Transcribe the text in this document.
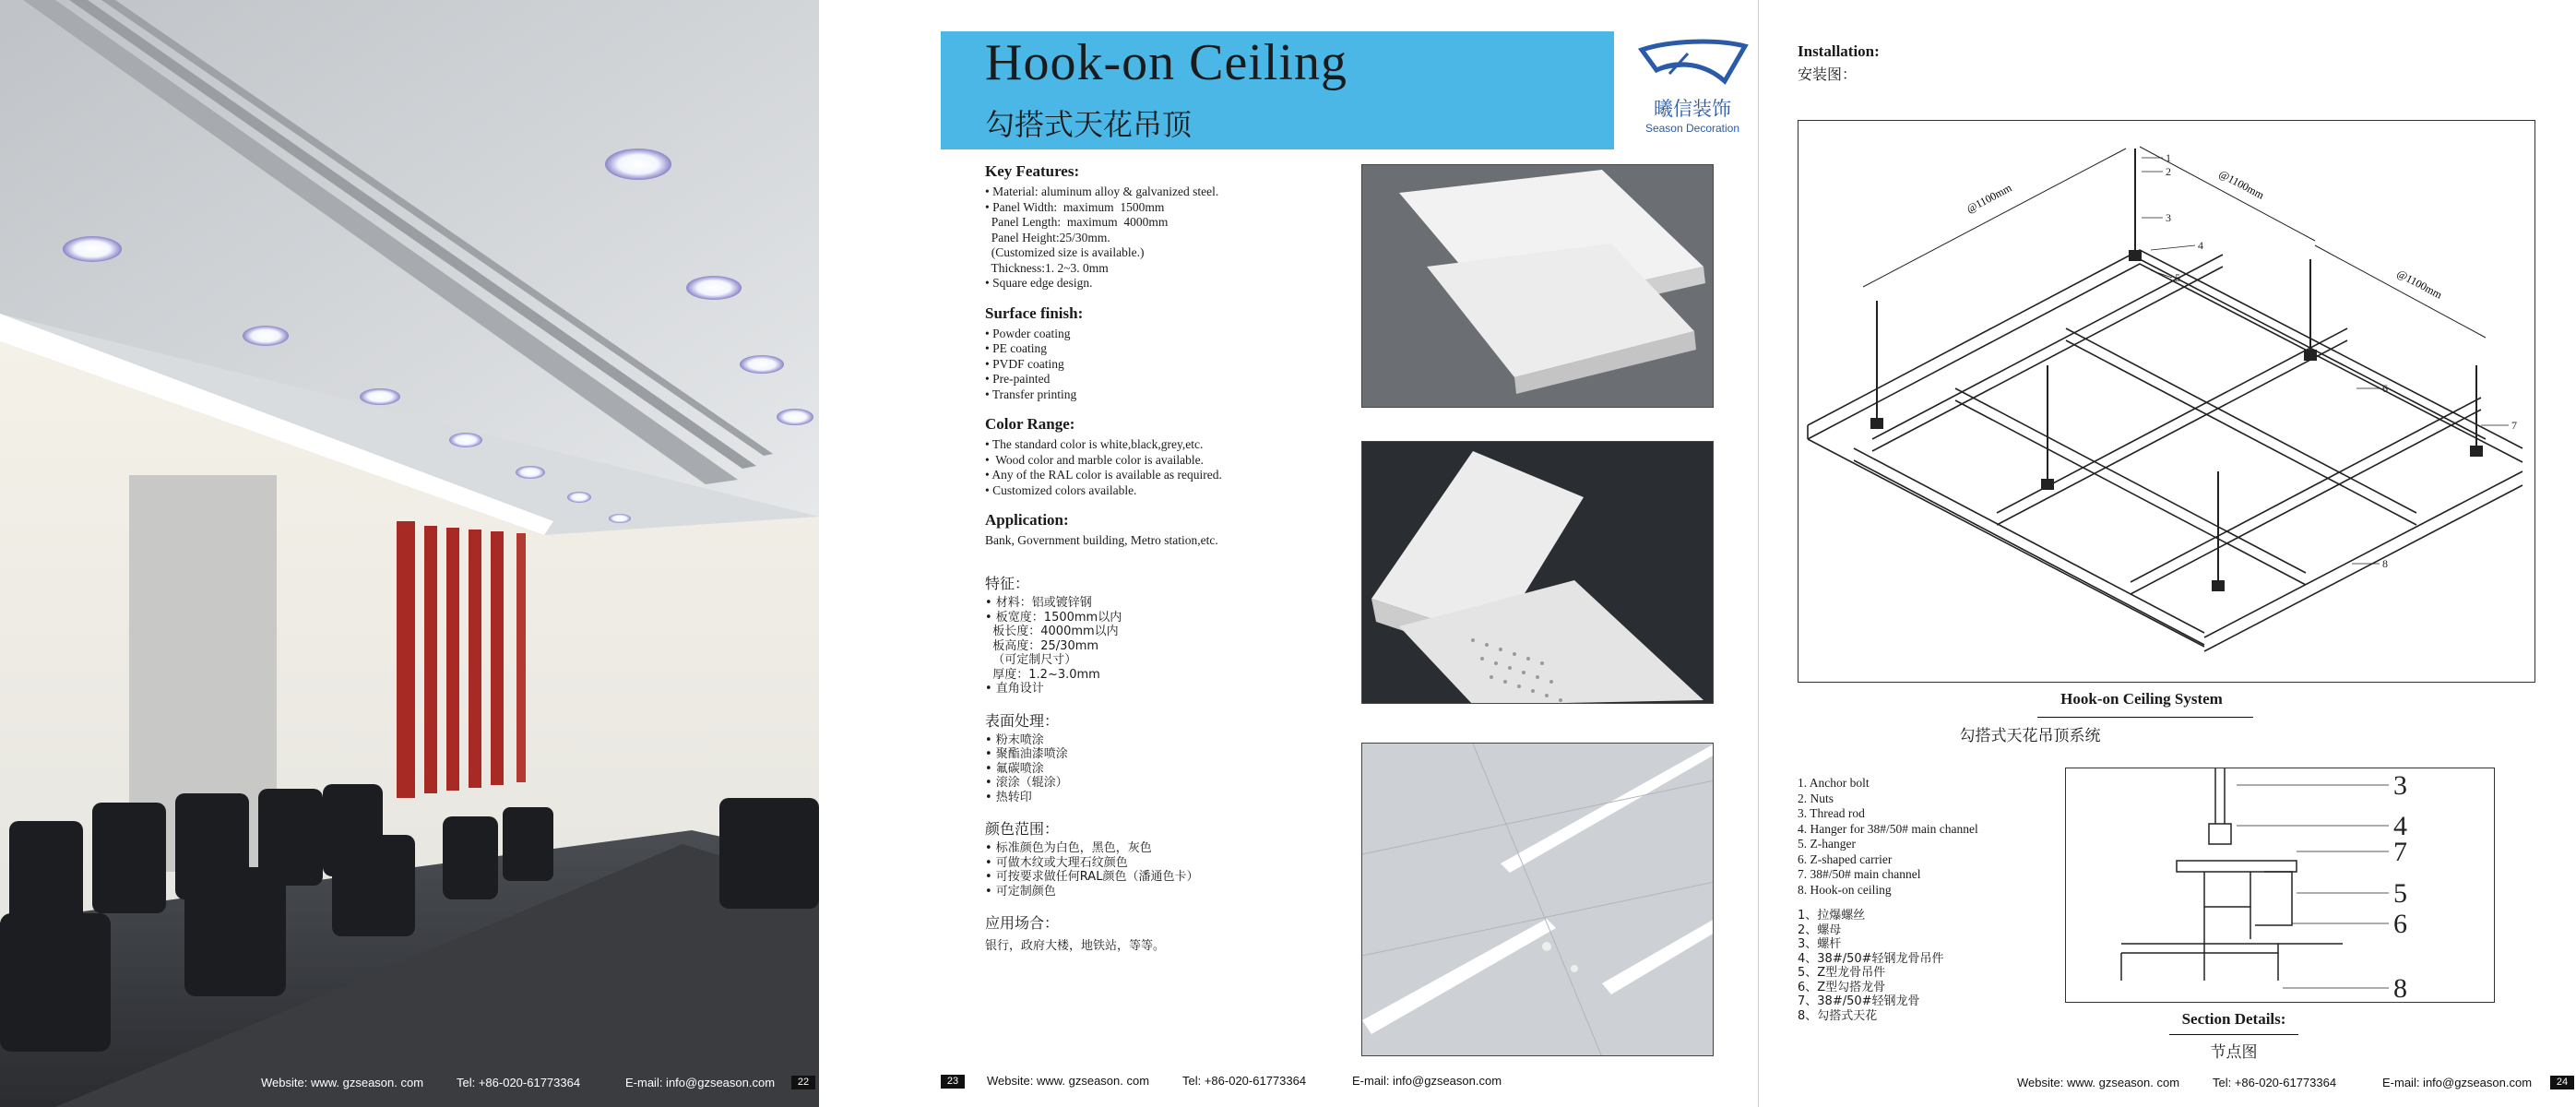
Website: www. gzseason. com	Tel: +86-020-61773364	E-mail: info@gzseason.com	22
Hook-on Ceiling
勾搭式天花吊顶	曦信装饰
Season Decoration
Key Features:
• Material: aluminum alloy & galvanized steel.
• Panel Width:  maximum  1500mm
Panel Length:  maximum  4000mm
Panel Height:25/30mm.
(Customized size is available.)
Thickness:1. 2~3. 0mm
• Square edge design.
Surface finish:
• Powder coating
• PE coating
• PVDF coating
• Pre-painted
• Transfer printing
Color Range:
• The standard color is white,black,grey,etc.
•  Wood color and marble color is available.
• Any of the RAL color is available as required.
• Customized colors available.
Application:
Bank, Government building, Metro station,etc.
特征：
• 材料：铝或镀锌钢
• 板宽度：1500mm以内
板长度：4000mm以内
板高度：25/30mm
（可定制尺寸）
厚度：1.2~3.0mm
• 直角设计
表面处理：
• 粉末喷涂
• 聚酯油漆喷涂
• 氟碳喷涂
• 滚涂（辊涂）
• 热转印
颜色范围：
• 标准颜色为白色，黑色，灰色
• 可做木纹或大理石纹颜色
• 可按要求做任何RAL颜色（潘通色卡）
• 可定制颜色
应用场合：
银行，政府大楼，地铁站，等等。
Website: www. gzseason. com	Tel: +86-020-61773364	E-mail: info@gzseason.com
23
Installation:
安装图：
@1100mm	@1100mm
@1100mm
1
2
3
4
5
6
7
8
Hook-on Ceiling System
勾搭式天花吊顶系统
1. Anchor bolt
2. Nuts
3. Thread rod
4. Hanger for 38#/50# main channel
5. Z-hanger
6. Z-shaped carrier
7. 38#/50# main channel
8. Hook-on ceiling
1、拉爆螺丝
2、螺母
3、螺杆
4、38#/50#轻钢龙骨吊件
5、Z型龙骨吊件
6、Z型勾搭龙骨
7、38#/50#轻钢龙骨
8、勾搭式天花
3
4
7
5
6
8
Section Details:
节点图
Website: www. gzseason. com	Tel: +86-020-61773364	E-mail: info@gzseason.com	24
